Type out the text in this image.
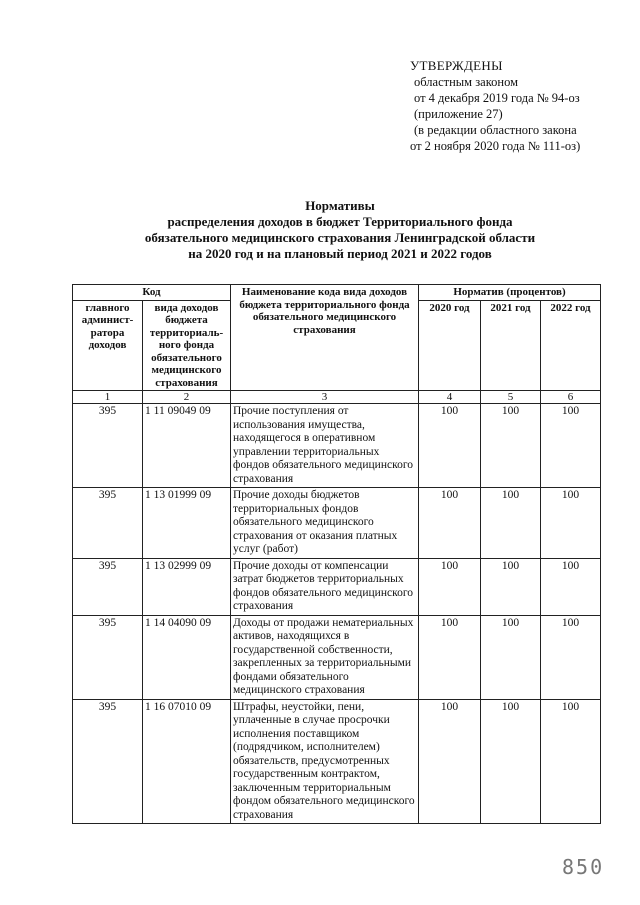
УТВЕРЖДЕНЫ
областным законом
от 4 декабря 2019 года № 94-оз
(приложение 27)
(в редакции областного закона
от 2 ноября 2020 года № 111-оз)
Нормативы
распределения доходов в бюджет Территориального фонда
обязательного медицинского страхования Ленинградской области
на 2020 год и на плановый период 2021 и 2022 годов
Код		Наименование кода вида доходов бюджета территориального фонда обязательного медицинского страхования	Норматив (процентов)		
главного админист-ратора доходов	вида доходов бюджета территориаль-ного фонда обязательного медицинского страхования		2020 год	2021 год	2022 год
1	2	3	4	5	6
395	1 11 09049 09	Прочие поступления от использования имущества, находящегося в оперативном управлении территориальных фондов обязательного медицинского страхования	100	100	100
395	1 13 01999 09	Прочие доходы бюджетов территориальных фондов обязательного медицинского страхования от оказания платных услуг (работ)	100	100	100
395	1 13 02999 09	Прочие доходы от компенсации затрат бюджетов территориальных фондов обязательного медицинского страхования	100	100	100
395	1 14 04090 09	Доходы от продажи нематериальных активов, находящихся в государственной собственности, закрепленных за территориальными фондами обязательного медицинского страхования	100	100	100
395	1 16 07010 09	Штрафы, неустойки, пени, уплаченные в случае просрочки исполнения поставщиком (подрядчиком, исполнителем) обязательств, предусмотренных государственным контрактом, заключенным территориальным фондом обязательного медицинского страхования	100	100	100
850
